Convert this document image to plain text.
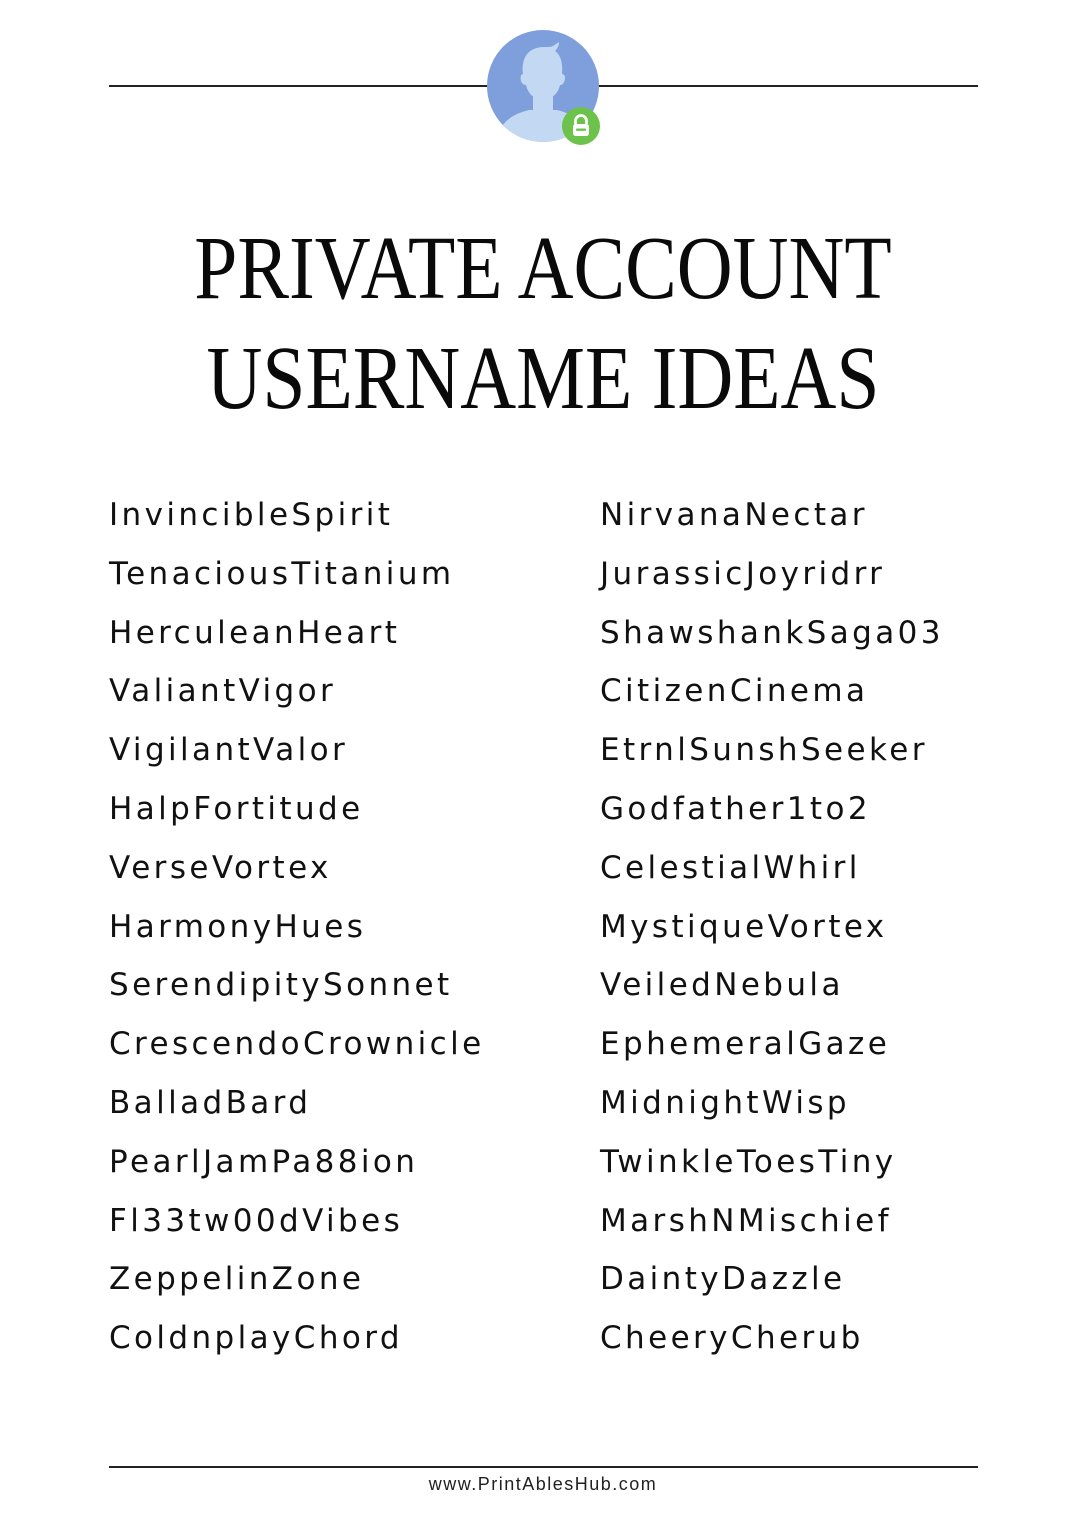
PRIVATE ACCOUNT
USERNAME IDEAS
InvincibleSpirit
TenaciousTitanium
HerculeanHeart
ValiantVigor
VigilantValor
HalpFortitude
VerseVortex
HarmonyHues
SerendipitySonnet
CrescendoCrownicle
BalladBard
PearlJamPa88ion
Fl33tw00dVibes
ZeppelinZone
ColdnplayChord
NirvanaNectar
JurassicJoyridrr
ShawshankSaga03
CitizenCinema
EtrnlSunshSeeker
Godfather1to2
CelestialWhirl
MystiqueVortex
VeiledNebula
EphemeralGaze
MidnightWisp
TwinkleToesTiny
MarshNMischief
DaintyDazzle
CheeryCherub
www.PrintAblesHub.com
